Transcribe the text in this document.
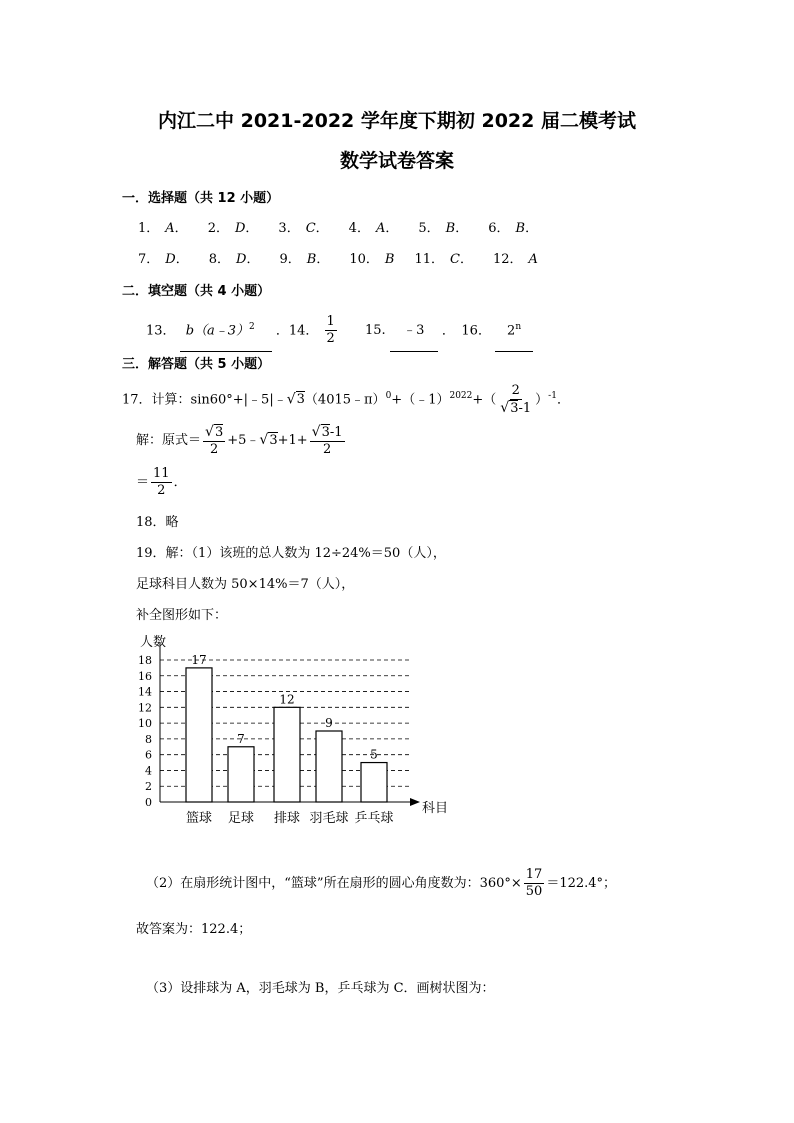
内江二中 2021-2022 学年度下期初 2022 届二模考试
数学试卷答案
一．选择题（共 12 小题）
1． A． 2． D． 3． C． 4． A． 5． B． 6． B．
7． D． 8． D． 9． B． 10． B 11． C． 12． A
二．填空题（共 4 小题）
13． b（a﹣3）$^2$ ．14． $\frac{1}{2} 15$. ﹣3 ．　16． 2$^n$
三．解答题（共 5 小题）
17．计算：sin60°+|﹣5|﹣√3（4015﹣π）$^0$+（﹣1）$^{2022}$+（ $\frac{2}{√3-1} )^{-1}$．
解：原式＝ $\frac{√3}{2}$ +5﹣√3+1+ $\frac{√3-1}{2}$
＝ $\frac{11}{2}$ ．
18．略
19．解：（1）该班的总人数为 12÷24%＝50（人），
足球科目人数为 50×14%＝7（人），
补全图形如下：
0
2
4
6
8
10
12
14
16
18
人数
科目
17
篮球
7
足球
12
排球
9
羽毛球
5
乒乓球
（2）在扇形统计图中，“篮球”所在扇形的圆心角度数为：$360^\circ\times \frac{17}{50} =122.4^\circ$；
故答案为：122.4；
（3）设排球为 A，羽毛球为 B，乒乓球为 C．画树状图为：
